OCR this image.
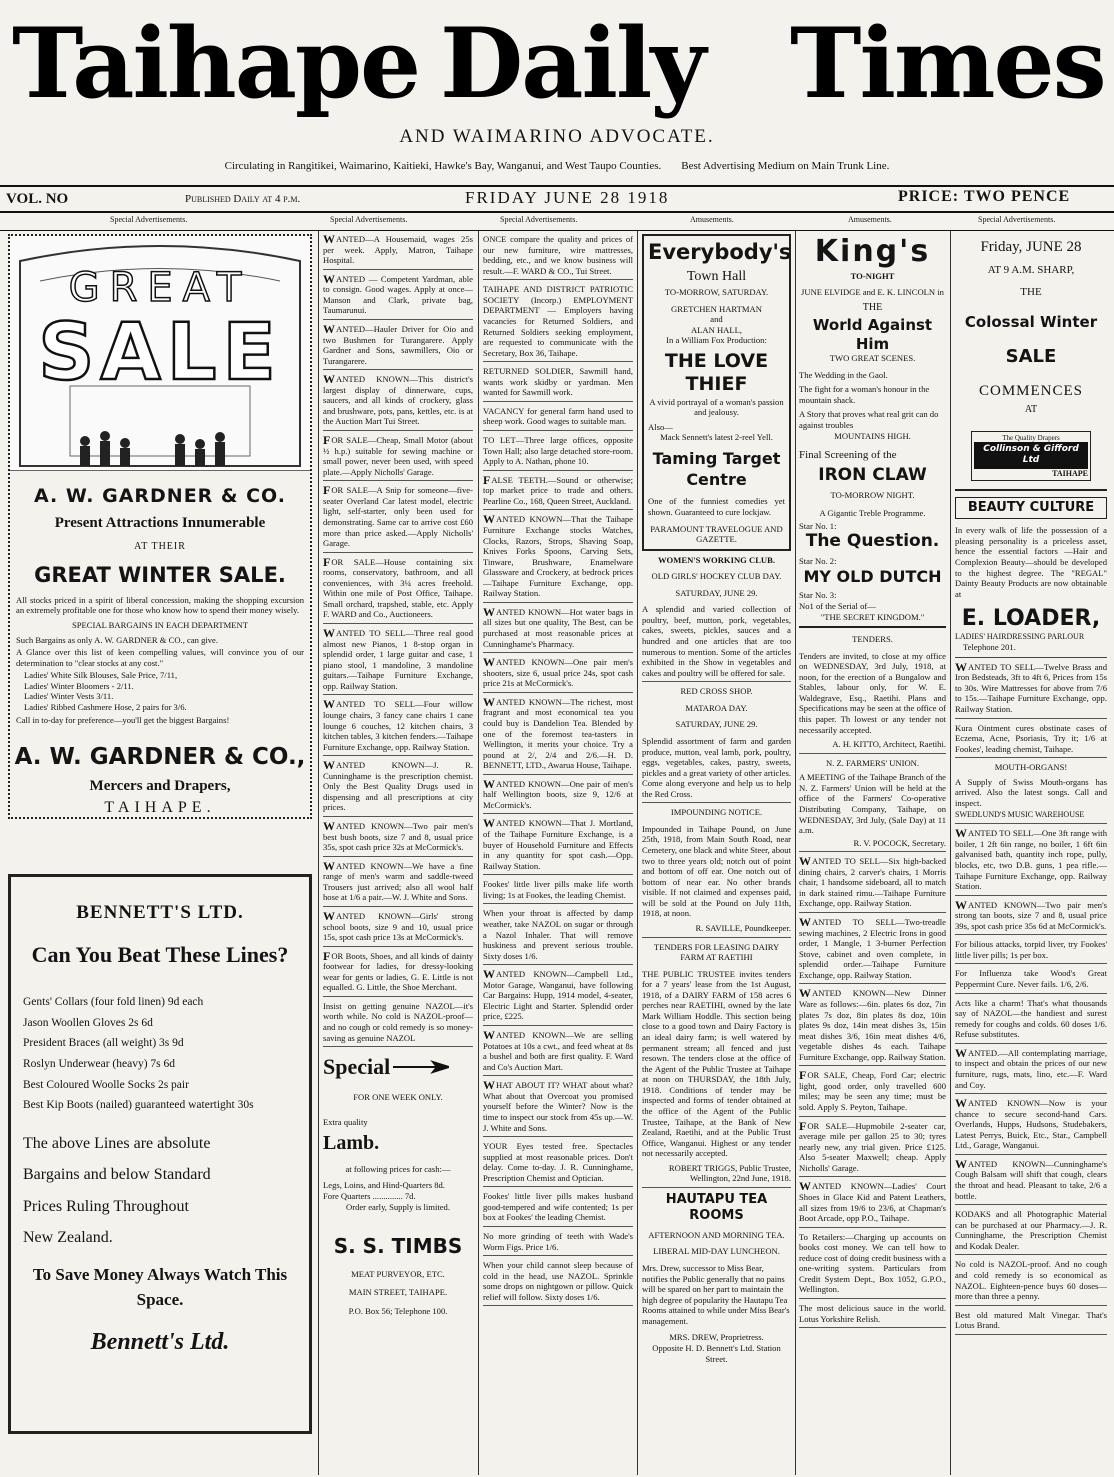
Taihape Daily Times
AND WAIMARINO ADVOCATE.
Circulating in Rangitikei, Waimarino, Kaitieki, Hawke's Bay, Wanganui, and West Taupo Counties. Best Advertising Medium on Main Trunk Line.
VOL. NO	Published Daily at 4 p.m.	FRIDAY JUNE 28 1918	PRICE: TWO PENCE
Special Advertisements.	Special Advertisements.	Special Advertisements.	Amusements.	Amusements.	Special Advertisements.
GREAT
SALE
A. W. GARDNER & CO.
Present Attractions Innumerable
AT THEIR
GREAT WINTER SALE.
All stocks priced in a spirit of liberal concession, making the shopping excursion an extremely profitable one for those who know how to spend their money wisely.
SPECIAL BARGAINS IN EACH DEPARTMENT
Such Bargains as only A. W. GARDNER & CO., can give.
A Glance over this list of keen compelling values, will convince you of our determination to "clear stocks at any cost."
Ladies' White Silk Blouses, Sale Price, 7/11,
Ladies' Winter Bloomers - 2/11.
Ladies' Winter Vests 3/11.
Ladies' Ribbed Cashmere Hose, 2 pairs for 3/6.
Call in to-day for preference—you'll get the biggest Bargains!
A. W. GARDNER & CO.,
Mercers and Drapers,
TAIHAPE.
BENNETT'S LTD.
Can You Beat These Lines?
Gents' Collars (four fold linen) 9d each
Jason Woollen Gloves 2s 6d
President Braces (all weight) 3s 9d
Roslyn Underwear (heavy) 7s 6d
Best Coloured Woolle Socks 2s pair
Best Kip Boots (nailed) guaranteed watertight 30s
The above Lines are absolute
Bargains and below Standard
Prices Ruling Throughout
New Zealand.
To Save Money Always Watch This Space.
Bennett's Ltd.
W ANTED—A Housemaid, wages 25s per week. Apply, Matron, Taihape Hospital.
W ANTED — Competent Yardman, able to consign. Good wages. Apply at once—Manson and Clark, private bag, Taumarunui.
W ANTED—Hauler Driver for Oio and two Bushmen for Turangarere. Apply Gardner and Sons, sawmillers, Oio or Turangarere.
W ANTED KNOWN—This district's largest display of dinnerware, cups, saucers, and all kinds of crockery, glass and brushware, pots, pans, kettles, etc. is at the Auction Mart Tui Street.
F OR SALE—Cheap, Small Motor (about ½ h.p.) suitable for sewing machine or small power, never been used, with speed plate.—Apply Nicholls' Garage.
F OR SALE—A Snip for someone—five-seater Overland Car latest model, electric light, self-starter, only been used for demonstrating. Same car to arrive cost £60 more than price asked.—Apply Nicholls' Garage.
F OR SALE—House containing six rooms, conservatory, bathroom, and all conveniences, with 3¼ acres freehold. Within one mile of Post Office, Taihape. Small orchard, trapshed, stable, etc. Apply F. WARD and Co., Auctioneers.
W ANTED TO SELL—Three real good almost new Pianos, 1 8-stop organ in splendid order, 1 large guitar and case, 1 piano stool, 1 mandoline, 3 mandoline guitars.—Taihape Furniture Exchange, opp. Railway Station.
W ANTED TO SELL—Four willow lounge chairs, 3 fancy cane chairs 1 cane lounge 6 couches, 12 kitchen chairs, 3 kitchen tables, 3 kitchen fenders.—Taihape Furniture Exchange, opp. Railway Station.
W ANTED KNOWN—J. R. Cunninghame is the prescription chemist. Only the Best Quality Drugs used in dispensing and all prescriptions at city prices.
W ANTED KNOWN—Two pair men's best bush boots, size 7 and 8, usual price 35s, spot cash price 32s at McCormick's.
W ANTED KNOWN—We have a fine range of men's warm and saddle-tweed Trousers just arrived; also all wool half hose at 1/6 a pair.—W. J. White and Sons.
W ANTED KNOWN—Girls' strong school boots, size 9 and 10, usual price 15s, spot cash price 13s at McCormick's.
F OR Boots, Shoes, and all kinds of dainty footwear for ladies, for dressy-looking wear for gents or ladies, G. E. Little is not equalled. G. Little, the Shoe Merchant.
Insist on getting genuine NAZOL—it's worth while. No cold is NAZOL-proof—and no cough or cold remedy is so money-saving as genuine NAZOL
Special
FOR ONE WEEK ONLY.
Extra quality
Lamb.
at following prices for cash:—
Legs, Loins, and Hind-Quarters 8d.
Fore Quarters .............. 7d.
Order early, Supply is limited.
S. S. TIMBS
MEAT PURVEYOR, ETC.
MAIN STREET, TAIHAPE.
P.O. Box 56; Telephone 100.
ONCE compare the quality and prices of our new furniture, wire mattresses, bedding, etc., and we know business will result.—F. WARD & CO., Tui Street.
TAIHAPE AND DISTRICT PATRIOTIC SOCIETY (Incorp.) EMPLOYMENT DEPARTMENT — Employers having vacancies for Returned Soldiers, and Returned Soldiers seeking employment, are requested to communicate with the Secretary, Box 36, Taihape.
RETURNED SOLDIER, Sawmill hand, wants work skidby or yardman. Men wanted for Sawmill work.
VACANCY for general farm hand used to sheep work. Good wages to suitable man.
TO LET—Three large offices, opposite Town Hall; also large detached store-room. Apply to A. Nathan, phone 10.
F ALSE TEETH.—Sound or otherwise; top market price to trade and others. Pearline Co., 168, Queen Street, Auckland.
W ANTED KNOWN—That the Taihape Furniture Exchange stocks Watches, Clocks, Razors, Strops, Shaving Soap, Knives Forks Spoons, Carving Sets, Tinware, Brushware, Enamelware Glassware and Crockery, at bedrock prices—Taihape Furniture Exchange, opp. Railway Station.
W ANTED KNOWN—Hot water bags in all sizes but one quality, The Best, can be purchased at most reasonable prices at Cunninghame's Pharmacy.
W ANTED KNOWN—One pair men's shooters, size 6, usual price 24s, spot cash price 21s at McCormick's.
W ANTED KNOWN—The richest, most fragrant and most economical tea you could buy is Dandelion Tea. Blended by one of the foremost tea-tasters in Wellington, it merits your choice. Try a pound at 2/, 2/4 and 2/6.—H. D. BENNETT, LTD., Awarua House, Taihape.
W ANTED KNOWN—One pair of men's half Wellington boots, size 9, 12/6 at McCormick's.
W ANTED KNOWN—That J. Mortland, of the Taihape Furniture Exchange, is a buyer of Household Furniture and Effects in any quantity for spot cash.—Opp. Railway Station.
Fookes' little liver pills make life worth living; 1s at Fookes, the leading Chemist.
When your throat is affected by damp weather, take NAZOL on sugar or through a Nazol Inhaler. That will remove huskiness and prevent serious trouble. Sixty doses 1/6.
W ANTED KNOWN—Campbell Ltd., Motor Garage, Wanganui, have following Car Bargains: Hupp, 1914 model, 4-seater, Electric Light and Starter. Splendid order price, £225.
W ANTED KNOWN—We are selling Potatoes at 10s a cwt., and feed wheat at 8s a bushel and both are first quality. F. Ward and Co's Auction Mart.
W HAT ABOUT IT? WHAT about what? What about that Overcoat you promised yourself before the Winter? Now is the time to inspect our stock from 45s up.—W. J. White and Sons.
YOUR Eyes tested free. Spectacles supplied at most reasonable prices. Don't delay. Come to-day. J. R. Cunninghame, Prescription Chemist and Optician.
Fookes' little liver pills makes husband good-tempered and wife contented; 1s per box at Fookes' the leading Chemist.
No more grinding of teeth with Wade's Worm Figs. Price 1/6.
When your child cannot sleep because of cold in the head, use NAZOL. Sprinkle some drops on nightgown or pillow. Quick relief will follow. Sixty doses 1/6.
Everybody's
Town Hall
TO-MORROW, SATURDAY.
GRETCHEN HARTMAN
and
ALAN HALL,
In a William Fox Production:
THE LOVE THIEF
A vivid portrayal of a woman's passion and jealousy.
Also—
Mack Sennett's latest 2-reel Yell.
Taming Target Centre
One of the funniest comedies yet shown. Guaranteed to cure lockjaw.
PARAMOUNT TRAVELOGUE AND GAZETTE.
WOMEN'S WORKING CLUB.
OLD GIRLS' HOCKEY CLUB DAY.
SATURDAY, JUNE 29.
A splendid and varied collection of poultry, beef, mutton, pork, vegetables, cakes, sweets, pickles, sauces and a hundred and one articles that are too numerous to mention. Some of the articles exhibited in the Show in vegetables and cakes and poultry will be offered for sale.
RED CROSS SHOP.
MATAROA DAY.
SATURDAY, JUNE 29.
Splendid assortment of farm and garden produce, mutton, veal lamb, pork, poultry, eggs, vegetables, cakes, pastry, sweets, pickles and a great variety of other articles. Come along everyone and help us to help the Red Cross.
IMPOUNDING NOTICE.
Impounded in Taihape Pound, on June 25th, 1918, from Main South Road, near Cemetery, one black and white Steer, about two to three years old; notch out of point and bottom of off ear. One notch out of bottom of near ear. No other brands visible. If not claimed and expenses paid, will be sold at the Pound on July 11th, 1918, at noon.
R. SAVILLE, Poundkeeper.
TENDERS FOR LEASING DAIRY FARM AT RAETIHI
THE PUBLIC TRUSTEE invites tenders for a 7 years' lease from the 1st August, 1918, of a DAIRY FARM of 158 acres 6 perches near RAETIHI, owned by the late Mark William Hoddle. This section being close to a good town and Dairy Factory is an ideal dairy farm; is well watered by permanent stream; all fenced and just resown. The tenders close at the office of the Agent of the Public Trustee at Taihape at noon on THURSDAY, the 18th July, 1918. Conditions of tender may be inspected and forms of tender obtained at the office of the Agent of the Public Trustee, Taihape, at the Bank of New Zealand, Raetihi, and at the Public Trust Office, Wanganui. Highest or any tender not necessarily accepted.
ROBERT TRIGGS, Public Trustee, Wellington, 22nd June, 1918.
HAUTAPU TEA ROOMS
AFTERNOON AND MORNING TEA.
LIBERAL MID-DAY LUNCHEON.
Mrs. Drew, successor to Miss Bear, notifies the Public generally that no pains will be spared on her part to maintain the high degree of popularity the Hautapu Tea Rooms attained to while under Miss Bear's management.
MRS. DREW, Proprietress.
Opposite H. D. Bennett's Ltd. Station Street.
King's
TO-NIGHT
JUNE ELVIDGE and E. K. LINCOLN in
THE
World Against Him
TWO GREAT SCENES.
The Wedding in the Gaol.
The fight for a woman's honour in the mountain shack.
A Story that proves what real grit can do against troubles
MOUNTAINS HIGH.
Final Screening of the
IRON CLAW
TO-MORROW NIGHT.
A Gigantic Treble Programme.
Star No. 1:
The Question.
Star No. 2:
MY OLD DUTCH
Star No. 3:
No1 of the Serial of—
"THE SECRET KINGDOM."
TENDERS.
Tenders are invited, to close at my office on WEDNESDAY, 3rd July, 1918, at noon, for the erection of a Bungalow and Stables, labour only, for W. E. Waldegrave, Esq., Raetihi. Plans and Specifications may be seen at the office of this paper. Th lowest or any tender not necessarily accepted.
A. H. KITTO, Architect, Raetihi.
N. Z. FARMERS' UNION.
A MEETING of the Taihape Branch of the N. Z. Farmers' Union will be held at the office of the Farmers' Co-operative Distributing Company, Taihape, on WEDNESDAY, 3rd July, (Sale Day) at 11 a.m.
R. V. POCOCK, Secretary.
W ANTED TO SELL—Six high-backed dining chairs, 2 carver's chairs, 1 Morris chair, 1 handsome sideboard, all to match in dark stained rimu.—Taihape Furniture Exchange, opp. Railway Station.
W ANTED TO SELL—Two-treadle sewing machines, 2 Electric Irons in good order, 1 Mangle, 1 3-burner Perfection Stove, cabinet and oven complete, in splendid order.—Taihape Furniture Exchange, opp. Railway Station.
W ANTED KNOWN—New Dinner Ware as follows:—6in. plates 6s doz, 7in plates 7s doz, 8in plates 8s doz, 10in plates 9s doz, 14in meat dishes 3s, 15in meat dishes 3/6, 16in meat dishes 4/6, vegetable dishes 4s each. Taihape Furniture Exchange, opp. Railway Station.
F OR SALE, Cheap, Ford Car; electric light, good order, only travelled 600 miles; may be seen any time; must be sold. Apply S. Peyton, Taihape.
F OR SALE—Hupmobile 2-seater car, average mile per gallon 25 to 30; tyres nearly new, any trial given. Price £125. Also 5-seater Maxwell; cheap. Apply Nicholls' Garage.
W ANTED KNOWN—Ladies' Court Shoes in Glace Kid and Patent Leathers, all sizes from 19/6 to 23/6, at Chapman's Boot Arcade, opp P.O., Taihape.
To Retailers:—Charging up accounts on books cost money. We can tell how to reduce cost of doing credit business with a one-writing system. Particulars from Credit System Dept., Box 1052, G.P.O., Wellington.
The most delicious sauce in the world. Lotus Yorkshire Relish.
Friday, JUNE 28
AT 9 A.M. SHARP,
THE
Colossal Winter
SALE
COMMENCES
AT
The Quality Drapers
Collinson & Gifford Ltd
TAIHAPE
BEAUTY CULTURE
In every walk of life the possession of a pleasing personality is a priceless asset, hence the essential factors —Hair and Complexion Beauty—should be developed to the highest degree. The "REGAL" Dainty Beauty Products are now obtainable at
E. LOADER,
LADIES' HAIRDRESSING PARLOUR
Telephone 201.
W ANTED TO SELL—Twelve Brass and Iron Bedsteads, 3ft to 4ft 6, Prices from 15s to 30s. Wire Mattresses for above from 7/6 to 15s.—Taihape Furniture Exchange, opp. Railway Station.
Kura Ointment cures obstinate cases of Eczema, Acne, Psoriasis, Try it; 1/6 at Fookes', leading chemist, Taihape.
MOUTH-ORGANS!
A Supply of Swiss Mouth-organs has arrived. Also the latest songs. Call and inspect.
SWEDLUND'S MUSIC WAREHOUSE
W ANTED TO SELL—One 3ft range with boiler, 1 2ft 6in range, no boiler, 1 6ft 6in galvanised bath, quantity inch rope, pully, blocks, etc, two D.B. guns, 1 pea rifle.—Taihape Furniture Exchange, opp. Railway Station.
W ANTED KNOWN—Two pair men's strong tan boots, size 7 and 8, usual price 39s, spot cash price 35s 6d at McCormick's.
For bilious attacks, torpid liver, try Fookes' little liver pills; 1s per box.
For Influenza take Wood's Great Peppermint Cure. Never fails. 1/6, 2/6.
Acts like a charm! That's what thousands say of NAZOL—the handiest and surest remedy for coughs and colds. 60 doses 1/6. Refuse substitutes.
W ANTED.—All contemplating marriage, to inspect and obtain the prices of our new furniture, rugs, mats, lino, etc.—F. Ward and Coy.
W ANTED KNOWN—Now is your chance to secure second-hand Cars. Overlands, Hupps, Hudsons, Studebakers, Latest Perrys, Buick, Etc., Star., Campbell Ltd., Garage, Wanganui.
W ANTED KNOWN—Cunninghame's Cough Balsam will shift that cough, clears the throat and head. Pleasant to take, 2/6 a bottle.
KODAKS and all Photographic Material can be purchased at our Pharmacy.—J. R. Cunninghame, the Prescription Chemist and Kodak Dealer.
No cold is NAZOL-proof. And no cough and cold remedy is so economical as NAZOL. Eighteen-pence buys 60 doses—more than three a penny.
Best old matured Malt Vinegar. That's Lotus Brand.
